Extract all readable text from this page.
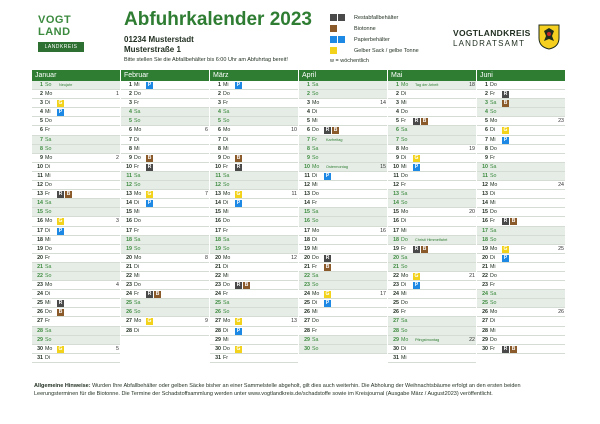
VOGT
LAND
LANDKREIS
Abfuhrkalender 2023
01234 Musterstadt
Musterstraße 1
Bitte stellen Sie die Abfallbehälter bis 6:00 Uhr am Abfuhrtag bereit!
Restabfallbehälter
Biotonne
Papierbehälter
Gelber Sack / gelbe Tonne
w = wöchentlich
VOGTLANDKREIS
LANDRATSAMT
Januar
1 So Neujahr
2 Mo	1
3 Di	G
4 Mi	P
5 Do
6 Fr
7 Sa
8 So
9 Mo	2
10 Di
11 Mi
12 Do
13 Fr	R B
14 Sa
15 So
16 Mo	G	3
17 Di	P
18 Mi
19 Do
20 Fr
21 Sa
22 So
23 Mo	4
24 Di
25 Mi	R
26 Do	B
27 Fr
28 Sa
29 So
30 Mo	G	5
31 Di
Februar
1 Mi	P
2 Do
3 Fr
4 Sa
5 So
6 Mo	6
7 Di
8 Mi
9 Do	B
10 Fr	R
11 Sa
12 So
13 Mo	G	7
14 Di	P
15 Mi
16 Do
17 Fr
18 Sa
19 So
20 Mo	8
21 Di
22 Mi
23 Do
24 Fr	R B
25 Sa
26 So
27 Mo	G	9
28 Di
März
1 Mi	P
2 Do
3 Fr
4 Sa
5 So
6 Mo	10
7 Di
8 Mi
9 Do	B
10 Fr	R
11 Sa
12 So
13 Mo	G	11
14 Di	P
15 Mi
16 Do
17 Fr
18 Sa
19 So
20 Mo	12
21 Di
22 Mi
23 Do	R B
24 Fr
25 Sa
26 So
27 Mo	G	13
28 Di	P
29 Mi
30 Do	G
31 Fr
April
1 Sa
2 So
3 Mo	14
4 Di
5 Mi
6 Do	R B
7 Fr Karfreitag
8 Sa
9 So
10 Mo Ostermontag	15
11 Di	P
12 Mi
13 Do
14 Fr
15 Sa
16 So
17 Mo	16
18 Di
19 Mi
20 Do	R
21 Fr	B
22 Sa
23 So
24 Mo	G	17
25 Di	P
26 Mi
27 Do
28 Fr
29 Sa
30 So
Mai
1 Mo Tag der Arbeit	18
2 Di
3 Mi
4 Do
5 Fr	R B
6 Sa
7 So
8 Mo	19
9 Di	G
10 Mi	P
11 Do
12 Fr
13 Sa
14 So
15 Mo	20
16 Di
17 Mi
18 Do Christi Himmelfahrt
19 Fr	R B
20 Sa
21 So
22 Mo	G	21
23 Di	P
24 Mi
25 Do
26 Fr
27 Sa
28 So
29 Mo Pfingstmontag	22
30 Di
31 Mi
Juni
1 Do
2 Fr	R
3 Sa	B
4 So
5 Mo	23
6 Di	G
7 Mi	P
8 Do
9 Fr
10 Sa
11 So
12 Mo	24
13 Di
14 Mi
15 Do
16 Fr	R B
17 Sa
18 So
19 Mo	G	25
20 Di	P
21 Mi
22 Do
23 Fr
24 Sa
25 So
26 Mo	26
27 Di
28 Mi
29 Do
30 Fr	R B
Allgemeine Hinweise: Wurden Ihre Abfallbehälter oder gelben Säcke bisher an einer Sammelstelle abgeholt, gilt dies auch weiterhin. Die Abholung der Weihnachtsbäume erfolgt an den ersten beiden Leerungsterminen für die Biotonne. Die Termine der Schadstoffsammlung werden unter www.vogtlandkreis.de/schadstoffe sowie im Kreisjournal (Ausgabe März / August2023) veröffentlicht.
